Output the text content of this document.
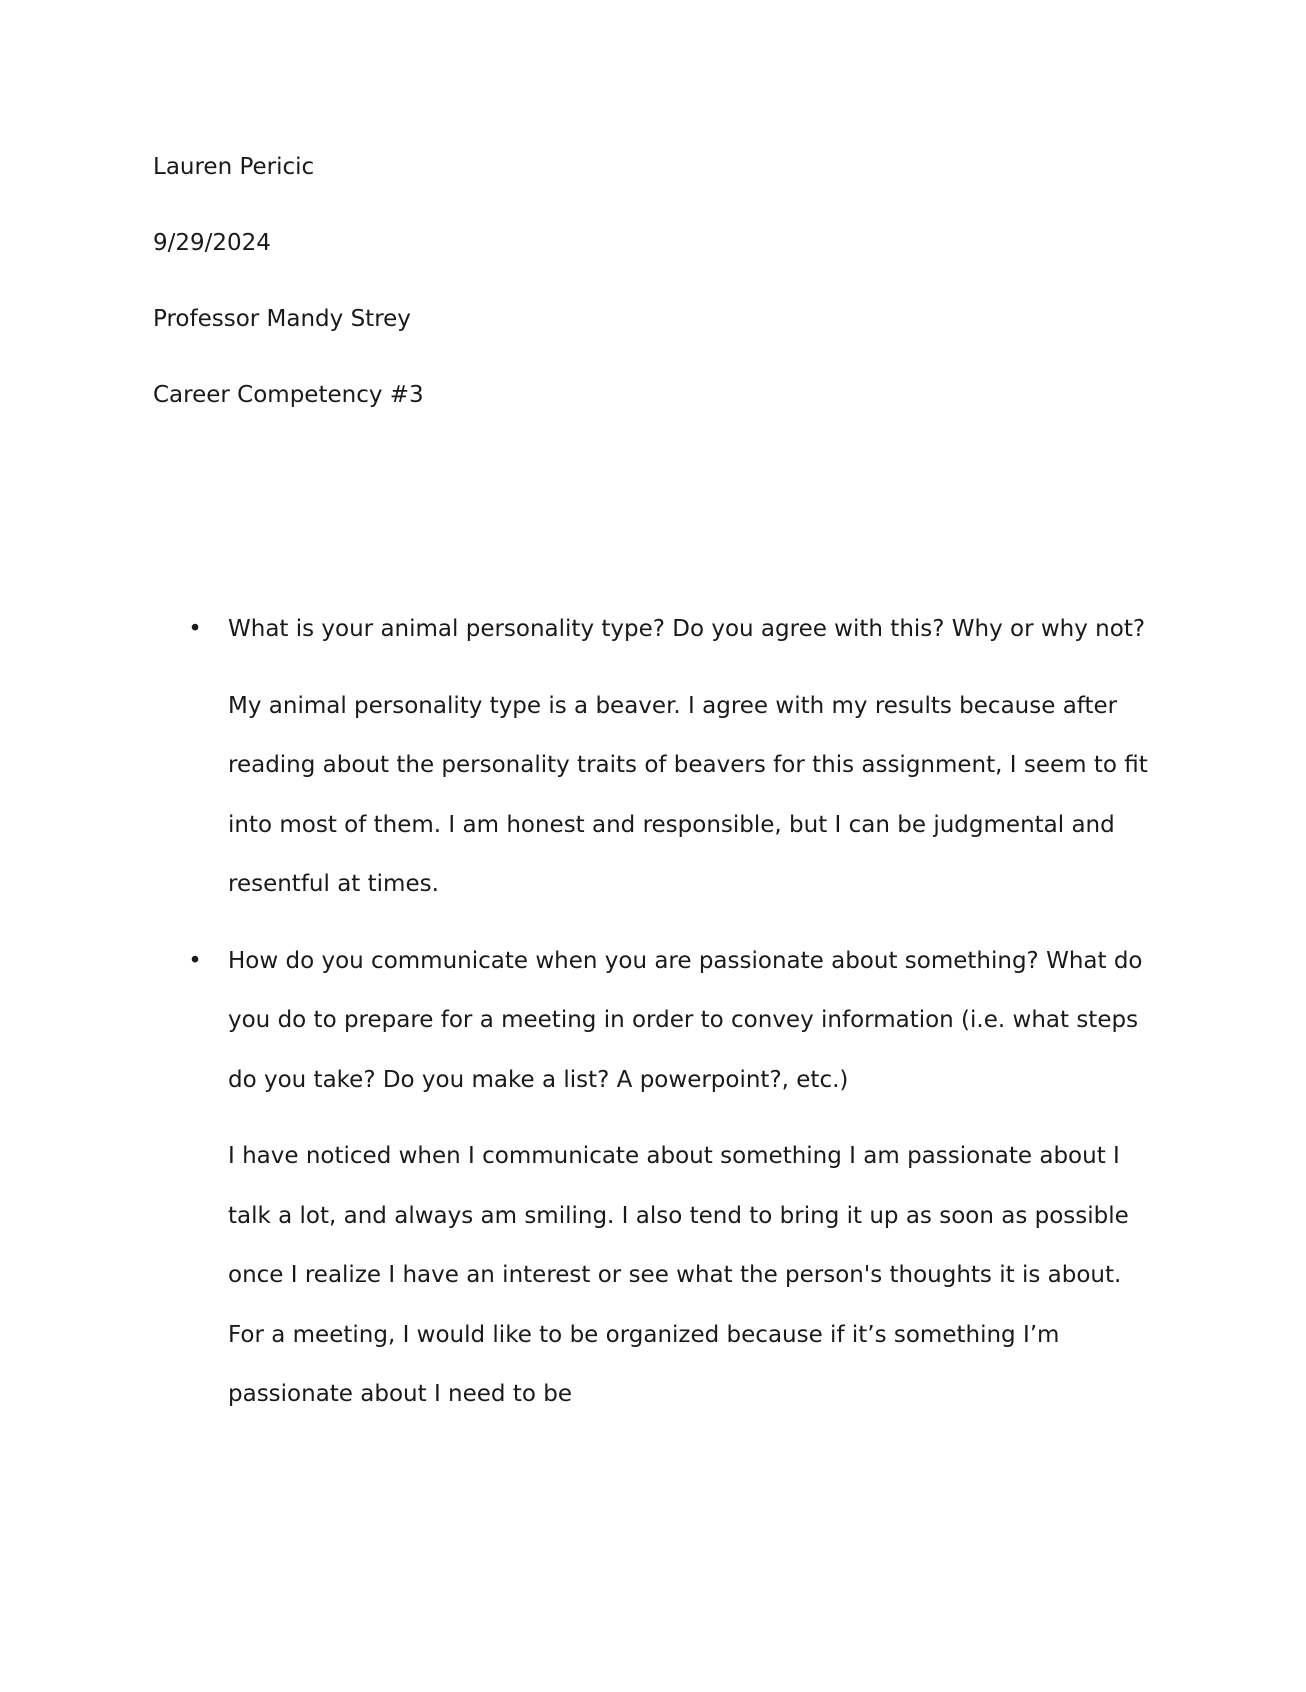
Lauren Pericic
9/29/2024
Professor Mandy Strey
Career Competency #3
• What is your animal personality type? Do you agree with this? Why or why not?
My animal personality type is a beaver. I agree with my results because after reading about the personality traits of beavers for this assignment, I seem to fit into most of them. I am honest and responsible, but I can be judgmental and resentful at times.
• How do you communicate when you are passionate about something? What do you do to prepare for a meeting in order to convey information (i.e. what steps do you take? Do you make a list? A powerpoint?, etc.)
I have noticed when I communicate about something I am passionate about I talk a lot, and always am smiling. I also tend to bring it up as soon as possible once I realize I have an interest or see what the person's thoughts it is about. For a meeting, I would like to be organized because if it’s something I’m passionate about I need to be
